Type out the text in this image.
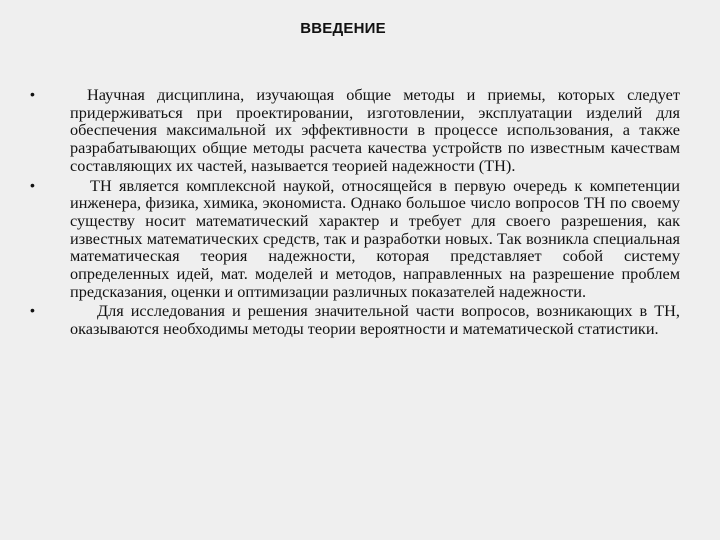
ВВЕДЕНИЕ
•	Научная дисциплина, изучающая общие методы и приемы, которых следует придерживаться при проектировании, изготовлении, эксплуатации изделий для обеспечения максимальной их эффективности в процессе использования, а также разрабатывающих общие методы расчета качества устройств по известным качествам составляющих их частей, называется теорией надежности (ТН).
•	ТН является комплексной наукой, относящейся в первую очередь к компетенции инженера, физика, химика, экономиста. Однако большое число вопросов ТН по своему существу носит математический характер и требует для своего разрешения, как известных математических средств, так и разработки новых. Так возникла специальная математическая теория надежности, которая представляет собой систему определенных идей, мат. моделей и методов, направленных на разрешение проблем предсказания, оценки и оптимизации различных показателей надежности.
•	Для исследования и решения значительной части вопросов, возникающих в ТН, оказываются необходимы методы теории вероятности и математической статистики.
